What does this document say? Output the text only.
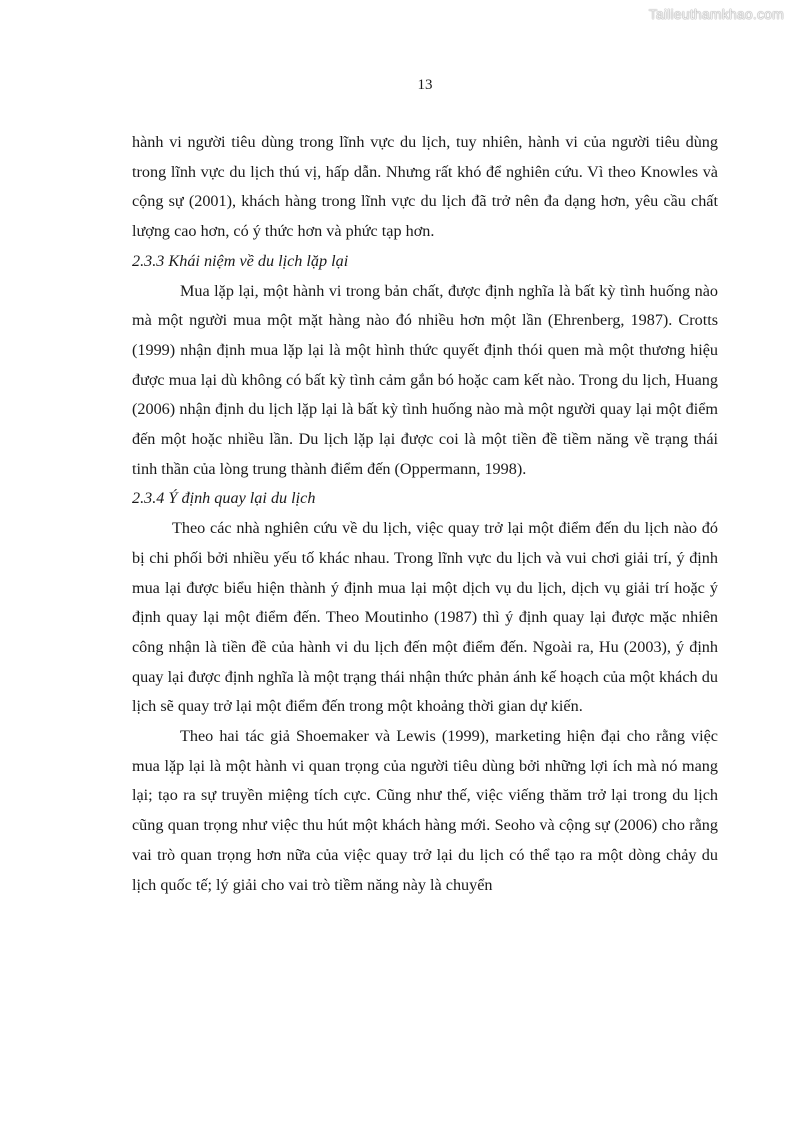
Tailieuthamkhao.com
13

hành vi người tiêu dùng trong lĩnh vực du lịch, tuy nhiên, hành vi của người tiêu dùng trong lĩnh vực du lịch thú vị, hấp dẫn. Nhưng rất khó để nghiên cứu. Vì theo Knowles và cộng sự (2001), khách hàng trong lĩnh vực du lịch đã trở nên đa dạng hơn, yêu cầu chất lượng cao hơn, có ý thức hơn và phức tạp hơn.

2.3.3 Khái niệm về du lịch lặp lại

Mua lặp lại, một hành vi trong bản chất, được định nghĩa là bất kỳ tình huống nào mà một người mua một mặt hàng nào đó nhiều hơn một lần (Ehrenberg, 1987). Crotts (1999) nhận định mua lặp lại là một hình thức quyết định thói quen mà một thương hiệu được mua lại dù không có bất kỳ tình cảm gắn bó hoặc cam kết nào. Trong du lịch, Huang (2006) nhận định du lịch lặp lại là bất kỳ tình huống nào mà một người quay lại một điểm đến một hoặc nhiều lần. Du lịch lặp lại được coi là một tiền đề tiềm năng về trạng thái tinh thần của lòng trung thành điểm đến (Oppermann, 1998).

2.3.4 Ý định quay lại du lịch

Theo các nhà nghiên cứu về du lịch, việc quay trở lại một điểm đến du lịch nào đó bị chi phối bởi nhiều yếu tố khác nhau. Trong lĩnh vực du lịch và vui chơi giải trí, ý định mua lại được biểu hiện thành ý định mua lại một dịch vụ du lịch, dịch vụ giải trí hoặc ý định quay lại một điểm đến. Theo Moutinho (1987) thì ý định quay lại được mặc nhiên công nhận là tiền đề của hành vi du lịch đến một điểm đến. Ngoài ra, Hu (2003), ý định quay lại được định nghĩa là một trạng thái nhận thức phản ánh kế hoạch của một khách du lịch sẽ quay trở lại một điểm đến trong một khoảng thời gian dự kiến.

Theo hai tác giả Shoemaker và Lewis (1999), marketing hiện đại cho rằng việc mua lặp lại là một hành vi quan trọng của người tiêu dùng bởi những lợi ích mà nó mang lại; tạo ra sự truyền miệng tích cực. Cũng như thế, việc viếng thăm trở lại trong du lịch cũng quan trọng như việc thu hút một khách hàng mới. Seoho và cộng sự (2006) cho rằng vai trò quan trọng hơn nữa của việc quay trở lại du lịch có thể tạo ra một dòng chảy du lịch quốc tế; lý giải cho vai trò tiềm năng này là chuyển
